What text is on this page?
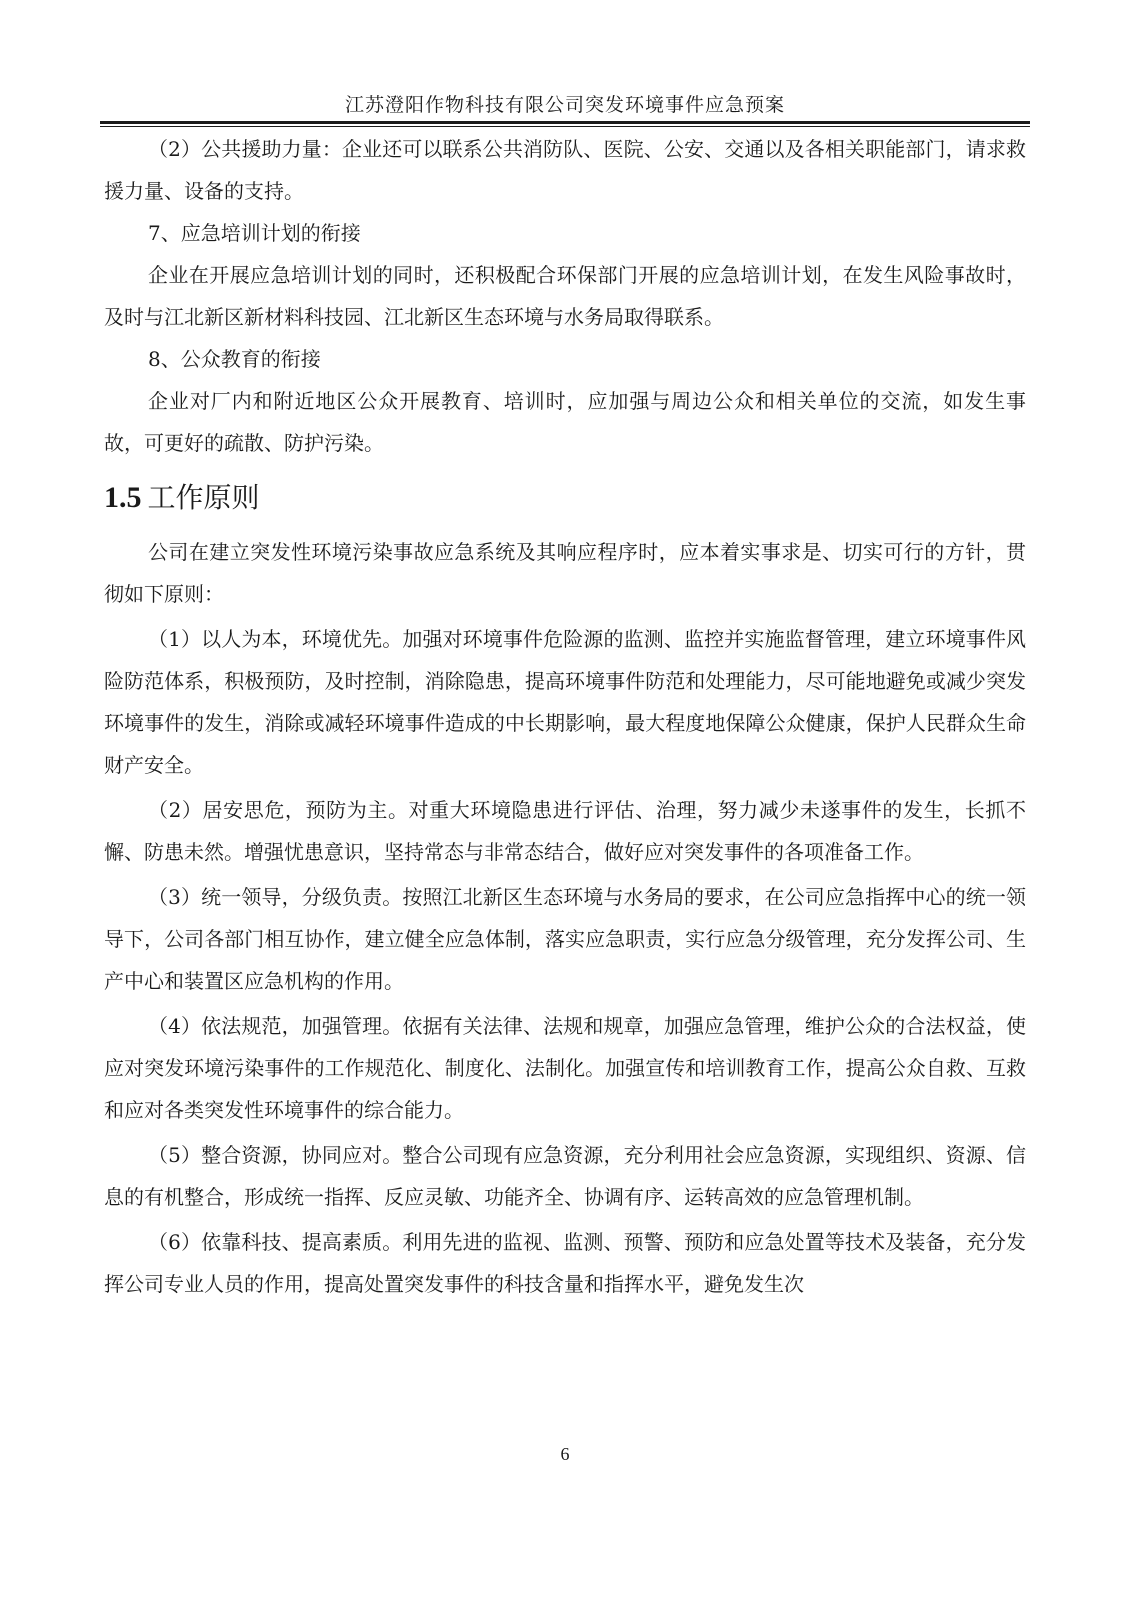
江苏澄阳作物科技有限公司突发环境事件应急预案

（2）公共援助力量：企业还可以联系公共消防队、医院、公安、交通以及各相关职能部门，请求救援力量、设备的支持。

7、应急培训计划的衔接

企业在开展应急培训计划的同时，还积极配合环保部门开展的应急培训计划，在发生风险事故时，及时与江北新区新材料科技园、江北新区生态环境与水务局取得联系。

8、公众教育的衔接

企业对厂内和附近地区公众开展教育、培训时，应加强与周边公众和相关单位的交流，如发生事故，可更好的疏散、防护污染。

1.5 工作原则

公司在建立突发性环境污染事故应急系统及其响应程序时，应本着实事求是、切实可行的方针，贯彻如下原则：

（1）以人为本，环境优先。加强对环境事件危险源的监测、监控并实施监督管理，建立环境事件风险防范体系，积极预防，及时控制，消除隐患，提高环境事件防范和处理能力，尽可能地避免或减少突发环境事件的发生，消除或减轻环境事件造成的中长期影响，最大程度地保障公众健康，保护人民群众生命财产安全。

（2）居安思危，预防为主。对重大环境隐患进行评估、治理，努力减少未遂事件的发生，长抓不懈、防患未然。增强忧患意识，坚持常态与非常态结合，做好应对突发事件的各项准备工作。

（3）统一领导，分级负责。按照江北新区生态环境与水务局的要求，在公司应急指挥中心的统一领导下，公司各部门相互协作，建立健全应急体制，落实应急职责，实行应急分级管理，充分发挥公司、生产中心和装置区应急机构的作用。

（4）依法规范，加强管理。依据有关法律、法规和规章，加强应急管理，维护公众的合法权益，使应对突发环境污染事件的工作规范化、制度化、法制化。加强宣传和培训教育工作，提高公众自救、互救和应对各类突发性环境事件的综合能力。

（5）整合资源，协同应对。整合公司现有应急资源，充分利用社会应急资源，实现组织、资源、信息的有机整合，形成统一指挥、反应灵敏、功能齐全、协调有序、运转高效的应急管理机制。

（6）依靠科技、提高素质。利用先进的监视、监测、预警、预防和应急处置等技术及装备，充分发挥公司专业人员的作用，提高处置突发事件的科技含量和指挥水平，避免发生次

6
